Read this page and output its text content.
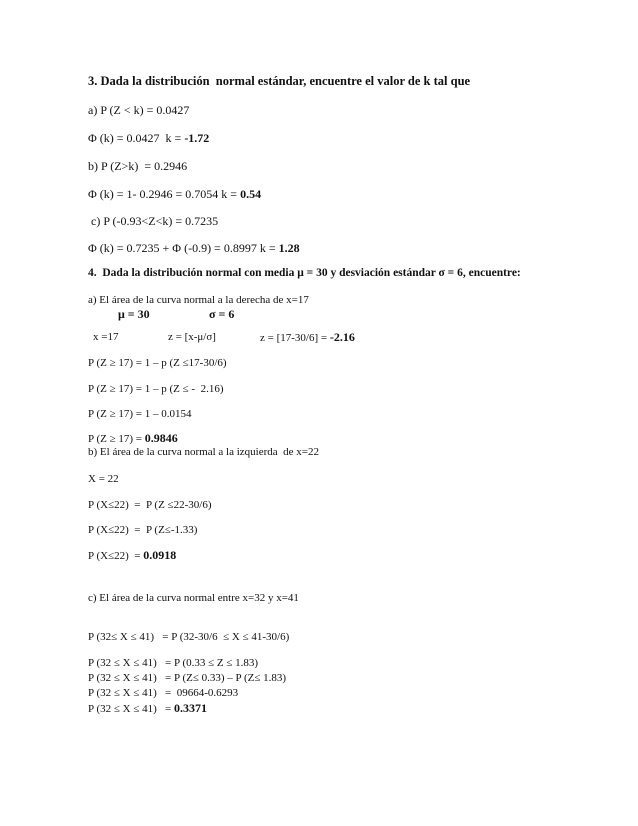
3. Dada la distribución  normal estándar, encuentre el valor de k tal que
a) P (Z < k) = 0.0427
Φ (k) = 0.0427  k = -1.72
b) P (Z>k)  = 0.2946
Φ (k) = 1- 0.2946 = 0.7054 k = 0.54
c) P (-0.93<Z<k) = 0.7235
Φ (k) = 0.7235 + Φ (-0.9) = 0.8997 k = 1.28
4.  Dada la distribución normal con media μ = 30 y desviación estándar σ = 6, encuentre:
a) El área de la curva normal a la derecha de x=17
μ = 30	σ = 6
x =17	z = [x-μ/σ]	z = [17-30/6] = -2.16
P (Z ≥ 17) = 1 – p (Z ≤17-30/6)
P (Z ≥ 17) = 1 – p (Z ≤ -  2.16)
P (Z ≥ 17) = 1 – 0.0154
P (Z ≥ 17) = 0.9846
b) El área de la curva normal a la izquierda  de x=22
X = 22
P (X≤22)  =  P (Z ≤22-30/6)
P (X≤22)  =  P (Z≤-1.33)
P (X≤22)  = 0.0918
c) El área de la curva normal entre x=32 y x=41
P (32≤ X ≤ 41)   = P (32-30/6  ≤ X ≤ 41-30/6)
P (32 ≤ X ≤ 41)   = P (0.33 ≤ Z ≤ 1.83)
P (32 ≤ X ≤ 41)   = P (Z≤ 0.33) – P (Z≤ 1.83)
P (32 ≤ X ≤ 41)   =  09664-0.6293
P (32 ≤ X ≤ 41)   = 0.3371
